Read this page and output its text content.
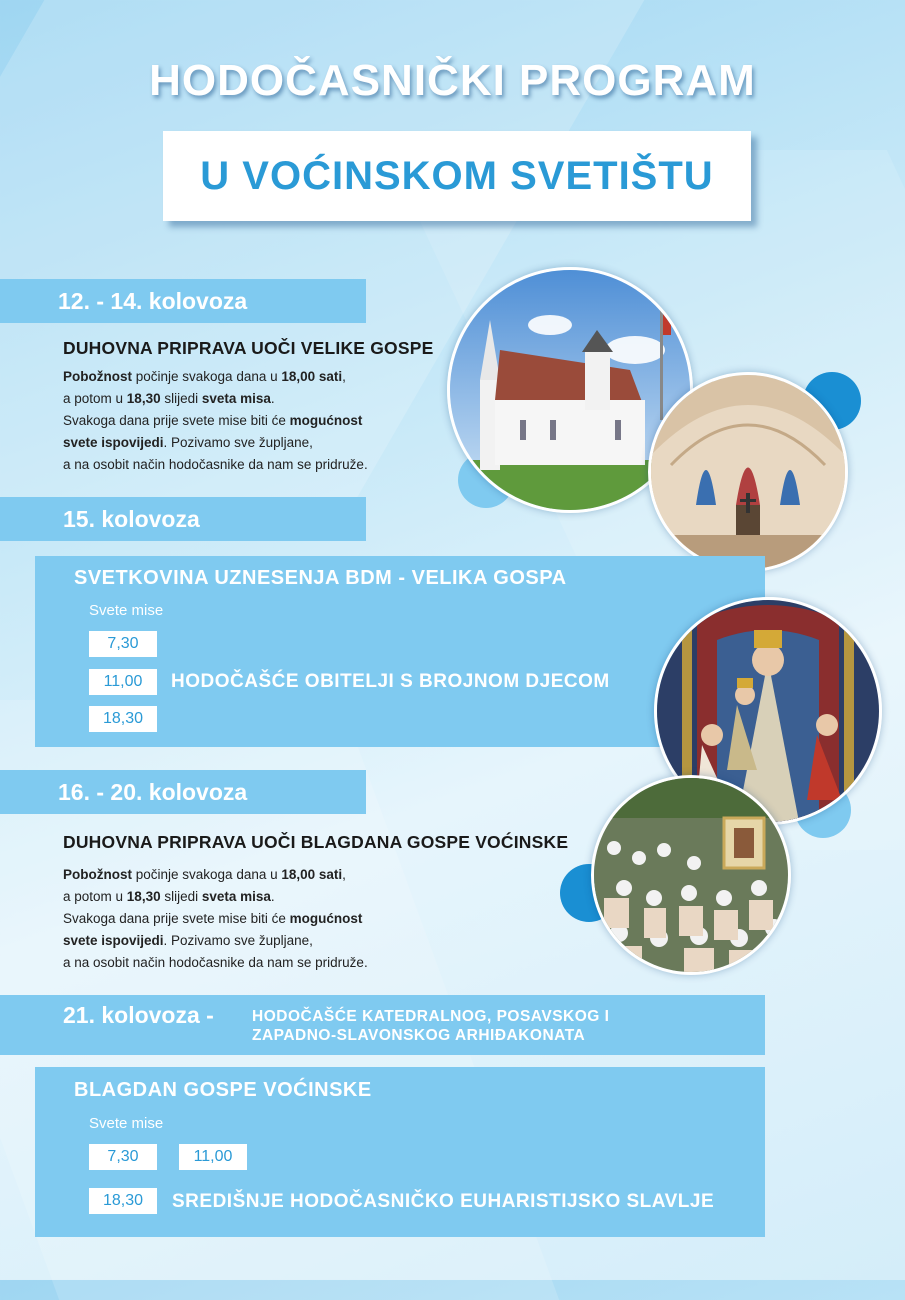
HODOČASNIČKI PROGRAM
U VOĆINSKOM SVETIŠTU
12. - 14. kolovoza
DUHOVNA PRIPRAVA UOČI VELIKE GOSPE
Pobožnost počinje svakoga dana u 18,00 sati,
a potom u 18,30 slijedi sveta misa.
Svakoga dana prije svete mise biti će mogućnost
svete ispovijedi. Pozivamo sve župljane,
a na osobit način hodočasnike da nam se pridruže.
15. kolovoza
SVETKOVINA UZNESENJA BDM - VELIKA GOSPA
Svete mise
7,30
11,00
18,30
HODOČAŠĆE OBITELJI S BROJNOM DJECOM
16. - 20. kolovoza
DUHOVNA PRIPRAVA UOČI BLAGDANA GOSPE VOĆINSKE
Pobožnost počinje svakoga dana u 18,00 sati,
a potom u 18,30 slijedi sveta misa.
Svakoga dana prije svete mise biti će mogućnost
svete ispovijedi. Pozivamo sve župljane,
a na osobit način hodočasnike da nam se pridruže.
21. kolovoza - HODOČAŠĆE KATEDRALNOG, POSAVSKOG I
ZAPADNO-SLAVONSKOG ARHIĐAKONATA
BLAGDAN GOSPE VOĆINSKE
Svete mise
7,30	11,00
18,30	SREDIŠNJE HODOČASNIČKO EUHARISTIJSKO SLAVLJE
